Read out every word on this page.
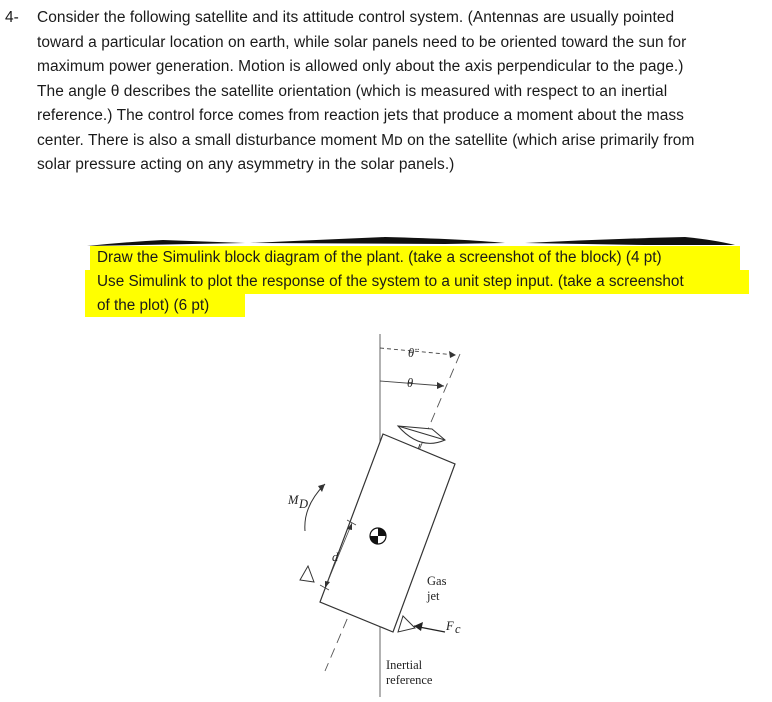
4- Consider the following satellite and its attitude control system. (Antennas are usually pointed
toward a particular location on earth, while solar panels need to be oriented toward the sun for
maximum power generation. Motion is allowed only about the axis perpendicular to the page.)
The angle θ describes the satellite orientation (which is measured with respect to an inertial
reference.) The control force comes from reaction jets that produce a moment about the mass
center. There is also a small disturbance moment Mᴅ on the satellite (which arise primarily from
solar pressure acting on any asymmetry in the solar panels.)
Draw the Simulink block diagram of the plant. (take a screenshot of the block) (4 pt)
Use Simulink to plot the response of the system to a unit step input. (take a screenshot
of the plot) (6 pt)
θ̈
θ
M D
d
F c
Gas
jet
Inertial
reference
